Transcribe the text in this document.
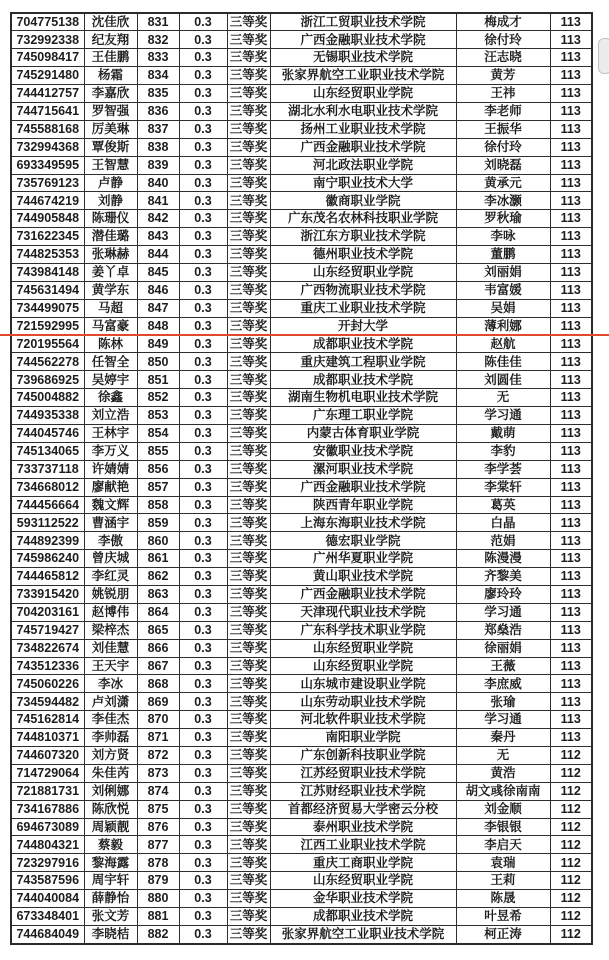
704775138	沈佳欣	831	0.3	三等奖	浙江工贸职业技术学院	梅成才	113
732992338	纪友翔	832	0.3	三等奖	广西金融职业技术学院	徐付玲	113
745098417	王佳鹏	833	0.3	三等奖	无锡职业技术学院	汪志晓	113
745291480	杨霜	834	0.3	三等奖	张家界航空工业职业技术学院	黄芳	113
744412757	李嘉欣	835	0.3	三等奖	山东经贸职业学院	王祎	113
744715641	罗智强	836	0.3	三等奖	湖北水利水电职业技术学院	李老师	113
745588168	厉美琳	837	0.3	三等奖	扬州工业职业技术学院	王振华	113
732994368	覃俊斯	838	0.3	三等奖	广西金融职业技术学院	徐付玲	113
693349595	王智慧	839	0.3	三等奖	河北政法职业学院	刘晓磊	113
735769123	卢静	840	0.3	三等奖	南宁职业技术大学	黄承元	113
744674219	刘静	841	0.3	三等奖	徽商职业学院	李冰灏	113
744905848	陈珊仪	842	0.3	三等奖	广东茂名农林科技职业学院	罗秋瑜	113
731622345	潜佳璐	843	0.3	三等奖	浙江东方职业技术学院	李咏	113
744825353	张琳赫	844	0.3	三等奖	德州职业技术学院	董鹏	113
743984148	姜丫卓	845	0.3	三等奖	山东经贸职业学院	刘丽娟	113
745631494	黄学东	846	0.3	三等奖	广西物流职业技术学院	韦富媛	113
734499075	马超	847	0.3	三等奖	重庆工业职业技术学院	吴娟	113
721592995	马富豪	848	0.3	三等奖	开封大学	薄利娜	113
720195564	陈林	849	0.3	三等奖	成都职业技术学院	赵航	113
744562278	任智全	850	0.3	三等奖	重庆建筑工程职业学院	陈佳佳	113
739686925	吴婷宇	851	0.3	三等奖	成都职业技术学院	刘圆佳	113
745004882	徐鑫	852	0.3	三等奖	湖南生物机电职业技术学院	无	113
744935338	刘立浩	853	0.3	三等奖	广东理工职业学院	学习通	113
744045746	王林宇	854	0.3	三等奖	内蒙古体育职业学院	戴萌	113
745134065	李万义	855	0.3	三等奖	安徽职业技术学院	李豹	113
733737118	许婧婧	856	0.3	三等奖	漯河职业技术学院	李学荟	113
734668012	廖献艳	857	0.3	三等奖	广西金融职业技术学院	李棠轩	113
744456664	魏文辉	858	0.3	三等奖	陕西青年职业学院	葛英	113
593112522	曹涵宇	859	0.3	三等奖	上海东海职业技术学院	白晶	113
744892399	李傲	860	0.3	三等奖	德宏职业学院	范娟	113
745986240	曾庆城	861	0.3	三等奖	广州华夏职业学院	陈漫漫	113
744465812	李红灵	862	0.3	三等奖	黄山职业技术学院	齐黎美	113
733915420	姚锐朋	863	0.3	三等奖	广西金融职业技术学院	廖玲玲	113
704203161	赵博伟	864	0.3	三等奖	天津现代职业技术学院	学习通	113
745719427	梁梓杰	865	0.3	三等奖	广东科学技术职业学院	郑燊浩	113
734822674	刘佳慧	866	0.3	三等奖	山东经贸职业学院	徐丽娟	113
743512336	王天宇	867	0.3	三等奖	山东经贸职业学院	王薇	113
745060226	李冰	868	0.3	三等奖	山东城市建设职业学院	李庶威	113
734594482	卢刘潇	869	0.3	三等奖	山东劳动职业技术学院	张瑜	113
745162814	李佳杰	870	0.3	三等奖	河北软件职业技术学院	学习通	113
744810371	李帅磊	871	0.3	三等奖	南阳职业学院	秦丹	113
744607320	刘方贤	872	0.3	三等奖	广东创新科技职业学院	无	112
714729064	朱佳芮	873	0.3	三等奖	江苏经贸职业技术学院	黄浩	112
721881731	刘俐娜	874	0.3	三等奖	江苏财经职业技术学院	胡文彧徐南南	112
734167886	陈欣悦	875	0.3	三等奖	首都经济贸易大学密云分校	刘金顺	112
694673089	周颖靓	876	0.3	三等奖	泰州职业技术学院	李银银	112
744804321	蔡毅	877	0.3	三等奖	江西工业职业技术学院	李启天	112
723297916	黎海露	878	0.3	三等奖	重庆工商职业学院	袁瑞	112
743587596	周宇轩	879	0.3	三等奖	山东经贸职业学院	王莉	112
744040084	薛静怡	880	0.3	三等奖	金华职业技术学院	陈晟	112
673348401	张文芳	881	0.3	三等奖	成都职业技术学院	叶昱希	112
744684049	李晓桔	882	0.3	三等奖	张家界航空工业职业技术学院	柯正涛	112
